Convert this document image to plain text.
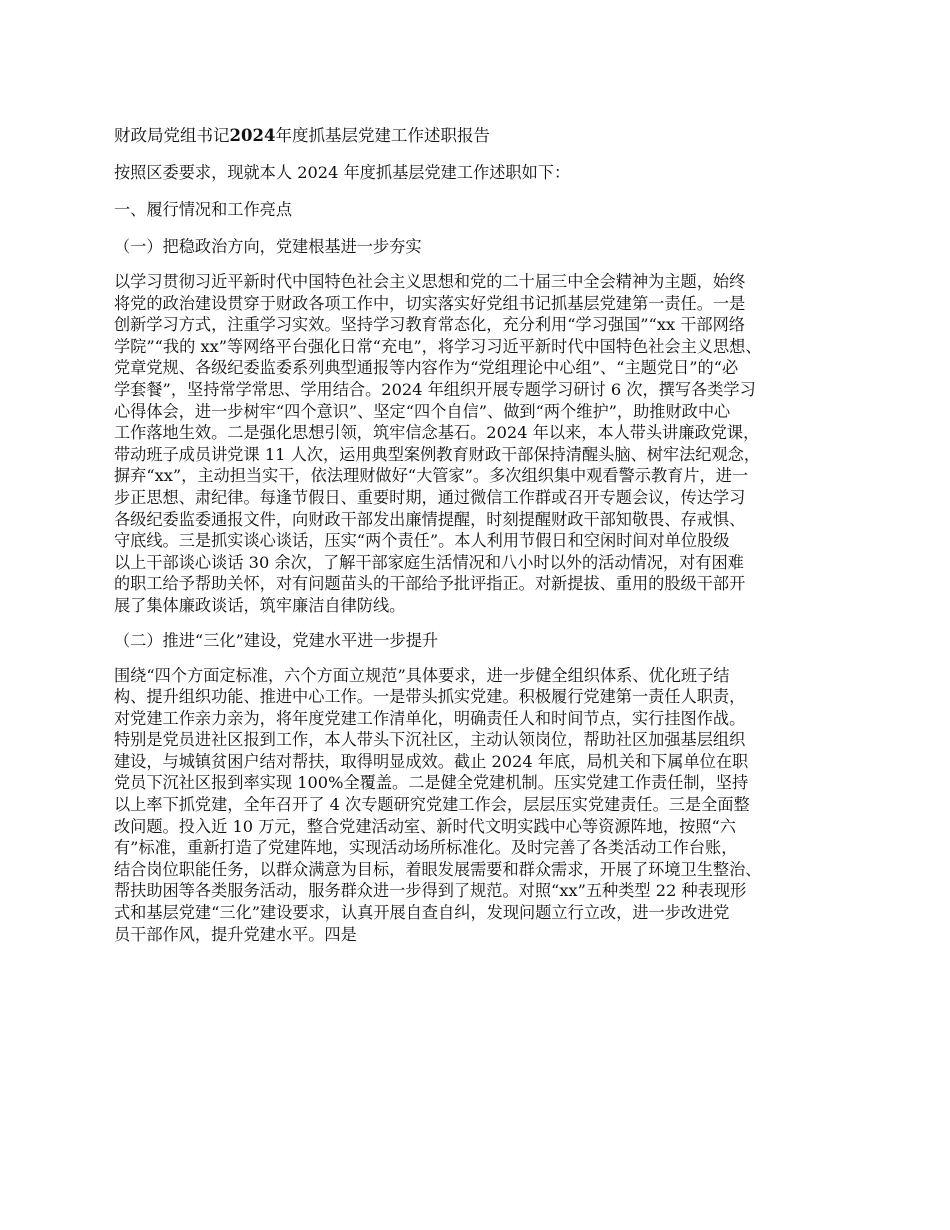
财政局党组书记2024年度抓基层党建工作述职报告
按照区委要求，现就本人 2024 年度抓基层党建工作述职如下：
一、履行情况和工作亮点
（一）把稳政治方向，党建根基进一步夯实
以学习贯彻习近平新时代中国特色社会主义思想和党的二十届三中全会精神为主题，始终
将党的政治建设贯穿于财政各项工作中，切实落实好党组书记抓基层党建第一责任。一是
创新学习方式，注重学习实效。坚持学习教育常态化，充分利用“学习强国”“xx 干部网络
学院”“我的 xx”等网络平台强化日常“充电”，将学习习近平新时代中国特色社会主义思想、
党章党规、各级纪委监委系列典型通报等内容作为“党组理论中心组”、“主题党日”的“必
学套餐”，坚持常学常思、学用结合。2024 年组织开展专题学习研讨 6 次，撰写各类学习
心得体会，进一步树牢“四个意识”、坚定“四个自信”、做到“两个维护”，助推财政中心
工作落地生效。二是强化思想引领，筑牢信念基石。2024 年以来，本人带头讲廉政党课，
带动班子成员讲党课 11 人次，运用典型案例教育财政干部保持清醒头脑、树牢法纪观念，
摒弃“xx”，主动担当实干，依法理财做好“大管家”。多次组织集中观看警示教育片，进一
步正思想、肃纪律。每逢节假日、重要时期，通过微信工作群或召开专题会议，传达学习
各级纪委监委通报文件，向财政干部发出廉情提醒，时刻提醒财政干部知敬畏、存戒惧、
守底线。三是抓实谈心谈话，压实“两个责任”。本人利用节假日和空闲时间对单位股级
以上干部谈心谈话 30 余次，了解干部家庭生活情况和八小时以外的活动情况，对有困难
的职工给予帮助关怀，对有问题苗头的干部给予批评指正。对新提拔、重用的股级干部开
展了集体廉政谈话，筑牢廉洁自律防线。
（二）推进“三化”建设，党建水平进一步提升
围绕“四个方面定标准，六个方面立规范”具体要求，进一步健全组织体系、优化班子结
构、提升组织功能、推进中心工作。一是带头抓实党建。积极履行党建第一责任人职责，
对党建工作亲力亲为，将年度党建工作清单化，明确责任人和时间节点，实行挂图作战。
特别是党员进社区报到工作，本人带头下沉社区，主动认领岗位，帮助社区加强基层组织
建设，与城镇贫困户结对帮扶，取得明显成效。截止 2024 年底，局机关和下属单位在职
党员下沉社区报到率实现 100%全覆盖。二是健全党建机制。压实党建工作责任制，坚持
以上率下抓党建，全年召开了 4 次专题研究党建工作会，层层压实党建责任。三是全面整
改问题。投入近 10 万元，整合党建活动室、新时代文明实践中心等资源阵地，按照“六
有”标准，重新打造了党建阵地，实现活动场所标准化。及时完善了各类活动工作台账，
结合岗位职能任务，以群众满意为目标，着眼发展需要和群众需求，开展了环境卫生整治、
帮扶助困等各类服务活动，服务群众进一步得到了规范。对照“xx”五种类型 22 种表现形
式和基层党建“三化”建设要求，认真开展自查自纠，发现问题立行立改，进一步改进党
员干部作风，提升党建水平。四是
